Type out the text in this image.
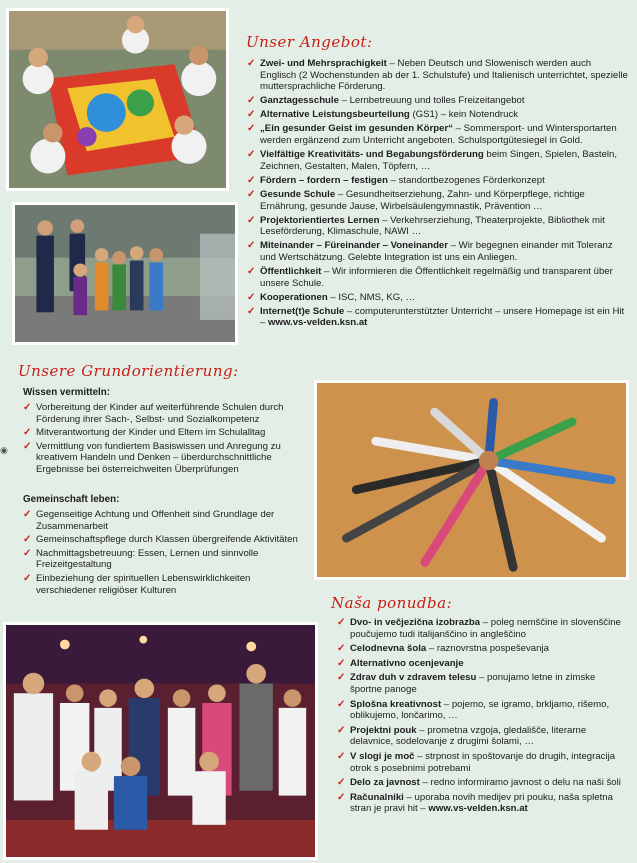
◉
Unser Angebot:
✓ Zwei- und Mehrsprachigkeit – Neben Deutsch und Slowenisch werden auch Englisch (2 Wochenstunden ab der 1. Schulstufe) und Italienisch unterrichtet, spezielle muttersprachliche Förderung.
✓ Ganztagesschule – Lernbetreuung und tolles Freizeitangebot
✓ Alternative Leistungsbeurteilung (GS1) – kein Notendruck
✓ „Ein gesunder Geist im gesunden Körper“ – Sommersport- und Wintersportarten werden ergänzend zum Unterricht angeboten. Schulsportgütesiegel in Gold.
✓ Vielfältige Kreativitäts- und Begabungsförderung beim Singen, Spielen, Basteln, Zeichnen, Gestalten, Malen, Töpfern, …
✓ Fördern – fordern – festigen – standortbezogenes Förderkonzept
✓ Gesunde Schule – Gesundheitserziehung, Zahn- und Körperpflege, richtige Ernährung, gesunde Jause, Wirbelsäulengymnastik, Prävention …
✓ Projektorientiertes Lernen – Verkehrserziehung, Theaterprojekte, Bibliothek mit Leseförderung, Klimaschule, NAWI …
✓ Miteinander – Füreinander – Voneinander – Wir begegnen einander mit Toleranz und Wertschätzung. Gelebte Integration ist uns ein Anliegen.
✓ Öffentlichkeit – Wir informieren die Öffentlichkeit regelmäßig und transparent über unsere Schule.
✓ Kooperationen – ISC, NMS, KG, …
✓ Internet(t)e Schule – computerunterstützter Unterricht – unsere Homepage ist ein Hit – www.vs-velden.ksn.at
Unsere Grundorientierung:
Wissen vermitteln:
✓ Vorbereitung der Kinder auf weiterführende Schulen durch Förderung ihrer Sach-, Selbst- und Sozialkompetenz
✓ Mitverantwortung der Kinder und Eltern im Schulalltag
✓ Vermittlung von fundiertem Basiswissen und Anregung zu kreativem Handeln und Denken – überdurchschnittliche Ergebnisse bei österreichweiten Überprüfungen
Gemeinschaft leben:
✓ Gegenseitige Achtung und Offenheit sind Grundlage der Zusammenarbeit
✓ Gemeinschaftspflege durch Klassen übergreifende Aktivitäten
✓ Nachmittagsbetreuung: Essen, Lernen und sinnvolle Freizeitgestaltung
✓ Einbeziehung der spirituellen Lebenswirklichkeiten verschiedener religiöser Kulturen
Naša ponudba:
✓ Dvo- in večjezična izobrazba – poleg nemščine in slovenščine poučujemo tudi italijanščino in angleščino
✓ Celodnevna šola – raznovrstna pospeševanja
✓ Alternativno ocenjevanje
✓ Zdrav duh v zdravem telesu – ponujamo letne in zimske športne panoge
✓ Splošna kreativnost – pojemo, se igramo, brkljamo, rišemo, oblikujemo, lončarimo, …
✓ Projektni pouk – prometna vzgoja, gledališče, literarne delavnice, sodelovanje z drugimi šolami, …
✓ V slogi je moč – strpnost in spoštovanje do drugih, integracija otrok s posebnimi potrebami
✓ Delo za javnost – redno informiramo javnost o delu na naši šoli
✓ Računalniki – uporaba novih medijev pri pouku, naša spletna stran je pravi hit – www.vs-velden.ksn.at
